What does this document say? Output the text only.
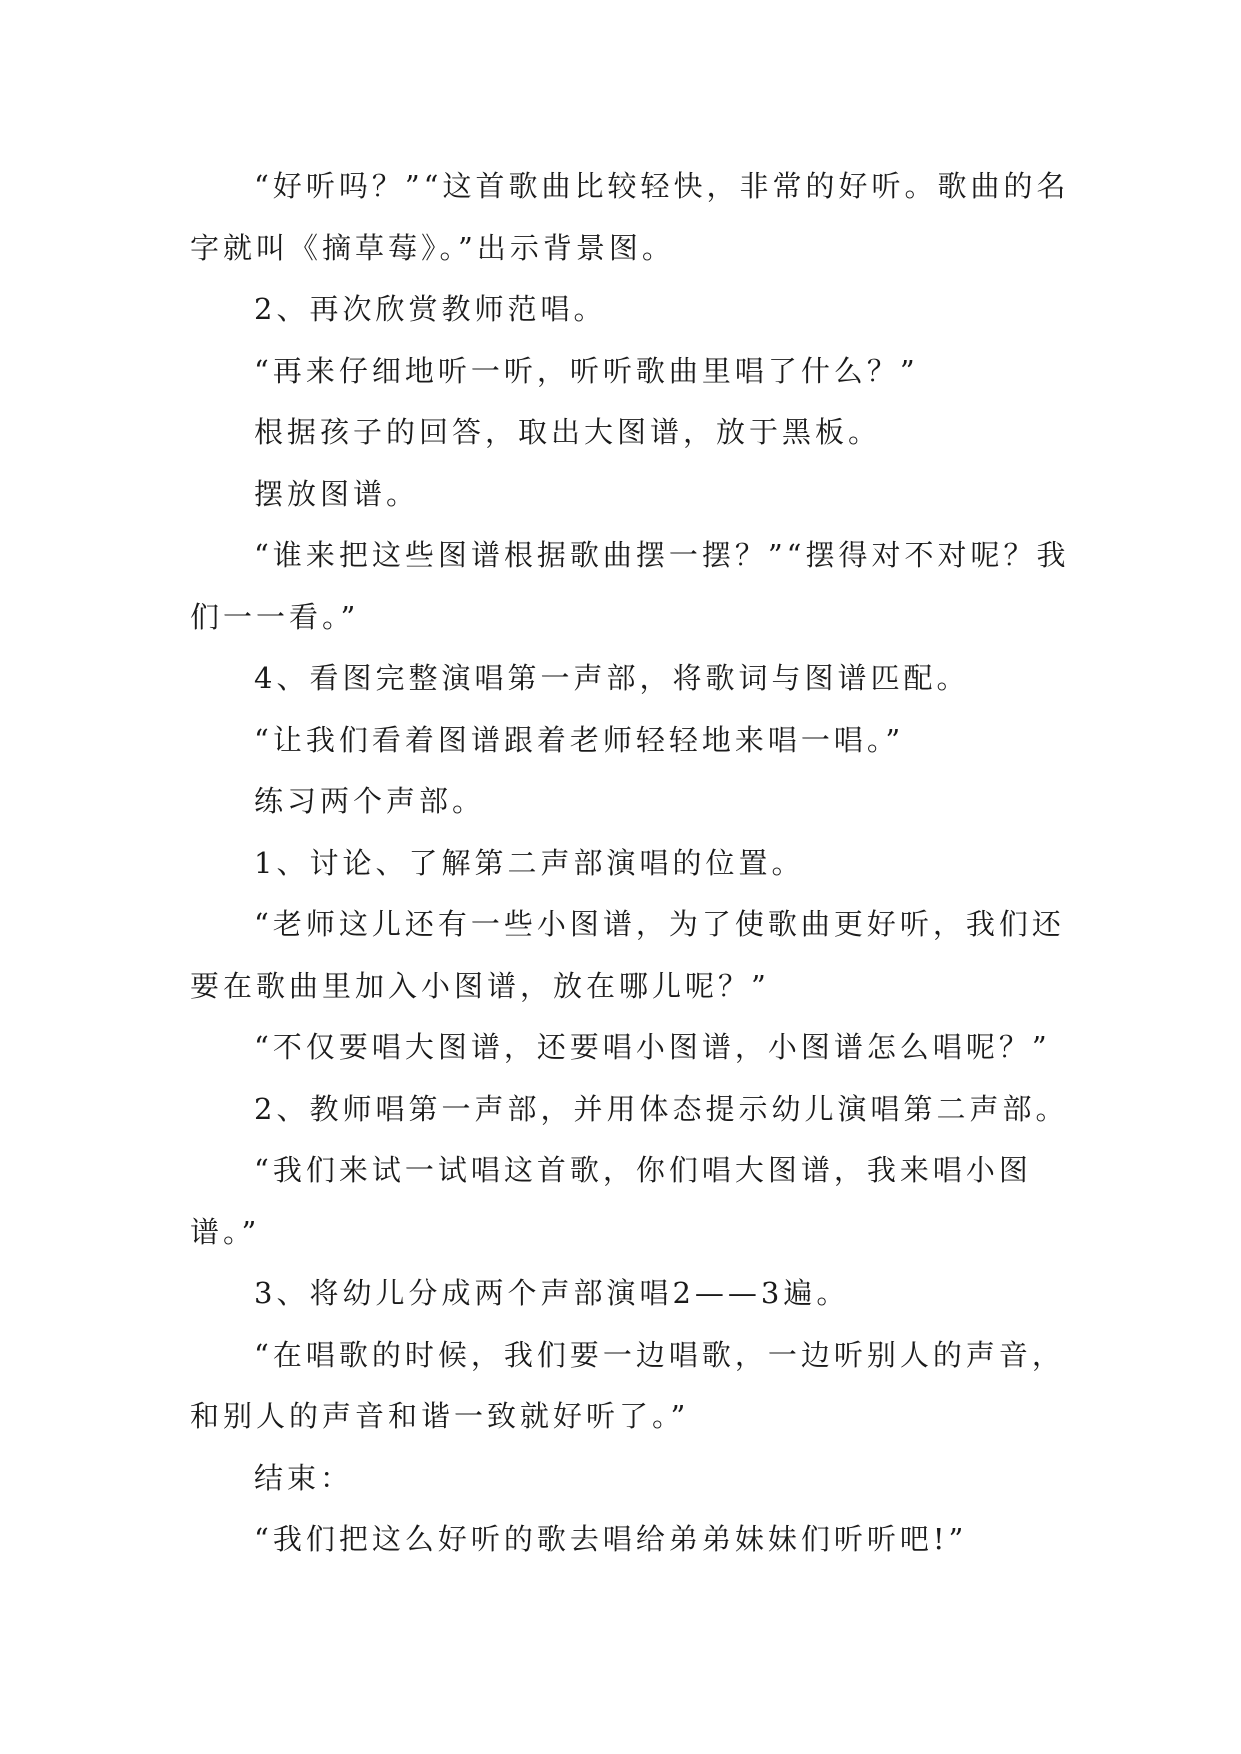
“好听吗？”“这首歌曲比较轻快，非常的好听。歌曲的名字就叫《摘草莓》。”出示背景图。

2、再次欣赏教师范唱。

“再来仔细地听一听，听听歌曲里唱了什么？”

根据孩子的回答，取出大图谱，放于黑板。

摆放图谱。

“谁来把这些图谱根据歌曲摆一摆？”“摆得对不对呢？我们一一看。”

4、看图完整演唱第一声部，将歌词与图谱匹配。

“让我们看着图谱跟着老师轻轻地来唱一唱。”

练习两个声部。

1、讨论、了解第二声部演唱的位置。

“老师这儿还有一些小图谱，为了使歌曲更好听，我们还要在歌曲里加入小图谱，放在哪儿呢？”

“不仅要唱大图谱，还要唱小图谱，小图谱怎么唱呢？”

2、教师唱第一声部，并用体态提示幼儿演唱第二声部。

“我们来试一试唱这首歌，你们唱大图谱，我来唱小图谱。”

3、将幼儿分成两个声部演唱2——3遍。

“在唱歌的时候，我们要一边唱歌，一边听别人的声音，和别人的声音和谐一致就好听了。”

结束：

“我们把这么好听的歌去唱给弟弟妹妹们听听吧!”
